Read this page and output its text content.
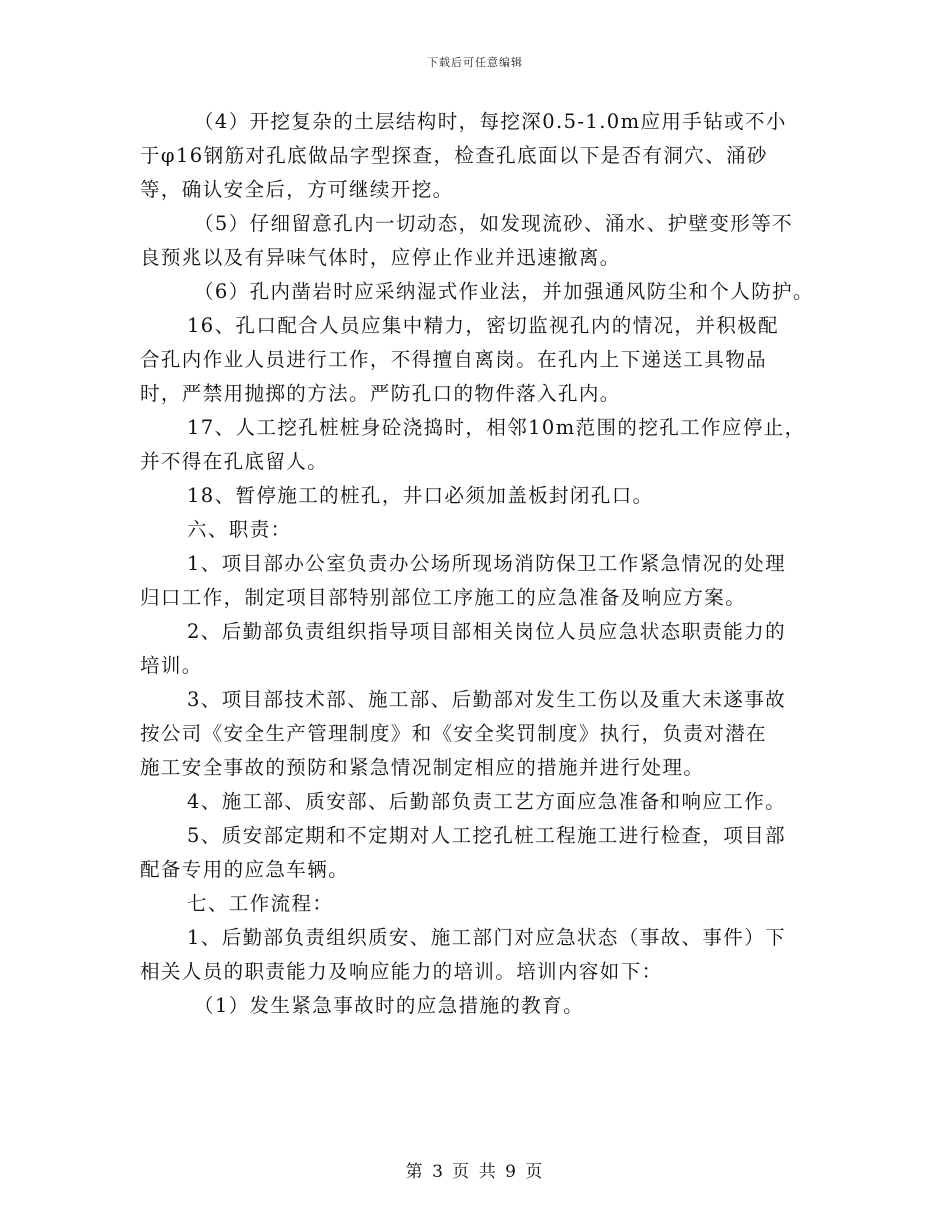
下载后可任意编辑
（4）开挖复杂的土层结构时，每挖深0.5-1.0m应用手钻或不小
于φ16钢筋对孔底做品字型探查，检查孔底面以下是否有洞穴、涌砂
等，确认安全后，方可继续开挖。
（5）仔细留意孔内一切动态，如发现流砂、涌水、护壁变形等不
良预兆以及有异味气体时，应停止作业并迅速撤离。
（6）孔内凿岩时应采纳湿式作业法，并加强通风防尘和个人防护。
16、孔口配合人员应集中精力，密切监视孔内的情况，并积极配
合孔内作业人员进行工作，不得擅自离岗。在孔内上下递送工具物品
时，严禁用抛掷的方法。严防孔口的物件落入孔内。
17、人工挖孔桩桩身砼浇捣时，相邻10m范围的挖孔工作应停止，
并不得在孔底留人。
18、暂停施工的桩孔，井口必须加盖板封闭孔口。
六、职责：
1、项目部办公室负责办公场所现场消防保卫工作紧急情况的处理
归口工作，制定项目部特别部位工序施工的应急准备及响应方案。
2、后勤部负责组织指导项目部相关岗位人员应急状态职责能力的
培训。
3、项目部技术部、施工部、后勤部对发生工伤以及重大未遂事故
按公司《安全生产管理制度》和《安全奖罚制度》执行，负责对潜在
施工安全事故的预防和紧急情况制定相应的措施并进行处理。
4、施工部、质安部、后勤部负责工艺方面应急准备和响应工作。
5、质安部定期和不定期对人工挖孔桩工程施工进行检查，项目部
配备专用的应急车辆。
七、工作流程：
1、后勤部负责组织质安、施工部门对应急状态（事故、事件）下
相关人员的职责能力及响应能力的培训。培训内容如下：
（1）发生紧急事故时的应急措施的教育。
第 3 页 共 9 页
